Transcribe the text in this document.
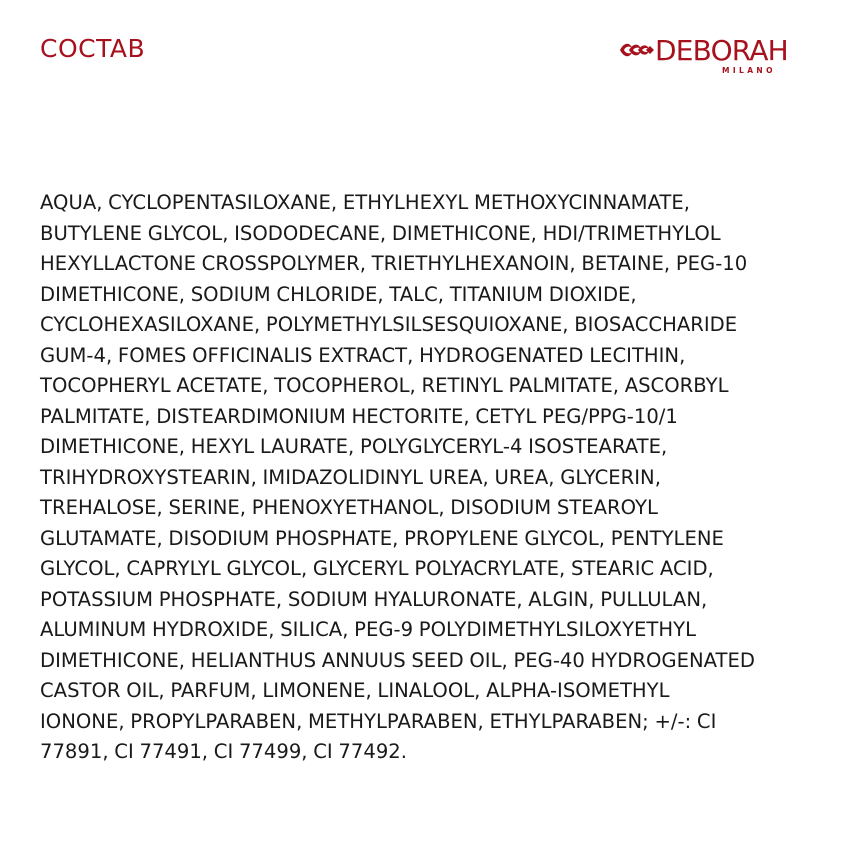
COCTAB	DEBORAH
MILANO

AQUA, CYCLOPENTASILOXANE, ETHYLHEXYL METHOXYCINNAMATE,
BUTYLENE GLYCOL, ISODODECANE, DIMETHICONE, HDI/TRIMETHYLOL
HEXYLLACTONE CROSSPOLYMER, TRIETHYLHEXANOIN, BETAINE, PEG-10
DIMETHICONE, SODIUM CHLORIDE, TALC, TITANIUM DIOXIDE,
CYCLOHEXASILOXANE, POLYMETHYLSILSESQUIOXANE, BIOSACCHARIDE
GUM-4, FOMES OFFICINALIS EXTRACT, HYDROGENATED LECITHIN,
TOCOPHERYL ACETATE, TOCOPHEROL, RETINYL PALMITATE, ASCORBYL
PALMITATE, DISTEARDIMONIUM HECTORITE, CETYL PEG/PPG-10/1
DIMETHICONE, HEXYL LAURATE, POLYGLYCERYL-4 ISOSTEARATE,
TRIHYDROXYSTEARIN, IMIDAZOLIDINYL UREA, UREA, GLYCERIN,
TREHALOSE, SERINE, PHENOXYETHANOL, DISODIUM STEAROYL
GLUTAMATE, DISODIUM PHOSPHATE, PROPYLENE GLYCOL, PENTYLENE
GLYCOL, CAPRYLYL GLYCOL, GLYCERYL POLYACRYLATE, STEARIC ACID,
POTASSIUM PHOSPHATE, SODIUM HYALURONATE, ALGIN, PULLULAN,
ALUMINUM HYDROXIDE, SILICA, PEG-9 POLYDIMETHYLSILOXYETHYL
DIMETHICONE, HELIANTHUS ANNUUS SEED OIL, PEG-40 HYDROGENATED
CASTOR OIL, PARFUM, LIMONENE, LINALOOL, ALPHA-ISOMETHYL
IONONE, PROPYLPARABEN, METHYLPARABEN, ETHYLPARABEN; +/-: CI
77891, CI 77491, CI 77499, CI 77492.
